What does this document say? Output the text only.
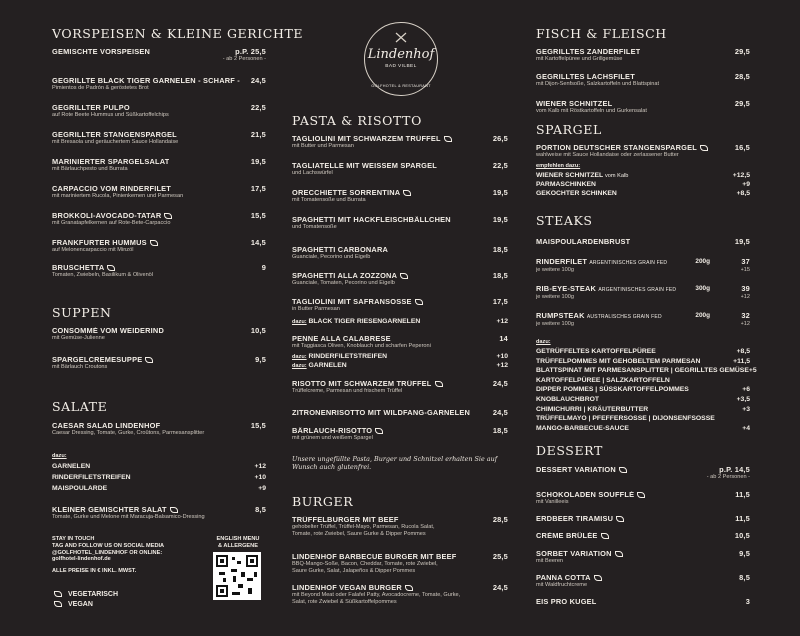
Lindenhof
BAD VILBEL
GOLFHOTEL & RESTAURANT
VORSPEISEN & KLEINE GERICHTE
GEMISCHTE VORSPEISEN	p.P. 25,5
- ab 2 Personen -
GEGRILLTE BLACK TIGER GARNELEN - SCHARF - 24,5
Pimientos de Padrón & geröstetes Brot
GEGRILLTER PULPO	22,5
auf Rote Beete Hummus und Süßkartoffelchips
GEGRILLTER STANGENSPARGEL	21,5
mit Bresaola und geräuchertem Sauce Hollandaise
MARINIERTER SPARGELSALAT	19,5
mit Bärlauchpesto und Burrata
CARPACCIO VOM RINDERFILET	17,5
mit mariniertem Rucola, Pinienkernen und Parmesan
BROKKOLI-AVOCADO-TATAR	15,5
mit Granatapfelkernen auf Rote-Bete-Carpaccio
FRANKFURTER HUMMUS	14,5
auf Melonencarpaccio mit Minzöl
BRUSCHETTA	9
Tomaten, Zwiebeln, Basilikum & Olivenöl
SUPPEN
CONSOMMÉ VOM WEIDERIND	10,5
mit Gemüse-Julienne
SPARGELCREMESUPPE	9,5
mit Bärlauch Croutons
SALATE
CAESAR SALAD LINDENHOF	15,5
Caesar Dressing, Tomate, Gurke, Croûtons, Parmesansplitter
dazu:
GARNELEN	+12
RINDERFILETSTREIFEN	+10
MAISPOULARDE	+9
KLEINER GEMISCHTER SALAT	8,5
Tomate, Gurke und Melone mit Maracuja-Balsamico-Dressing
STAY IN TOUCH
TAG AND FOLLOW US ON SOCIAL MEDIA
@GOLFHOTEL_LINDENHOF OR ONLINE:
golfhotel-lindenhof.de
ALLE PREISE IN € INKL. MWST.
VEGETARISCH
VEGAN
ENGLISH MENU
& ALLERGENE
PASTA & RISOTTO
TAGLIOLINI MIT SCHWARZEM TRÜFFEL	26,5
mit Butter und Parmesan
TAGLIATELLE MIT WEISSEM SPARGEL	22,5
und Lachswürfel
ORECCHIETTE SORRENTINA	19,5
mit Tomatensoße und Burrata
SPAGHETTI MIT HACKFLEISCHBÄLLCHEN	19,5
und Tomatensoße
SPAGHETTI CARBONARA	18,5
Guanciale, Pecorino und Eigelb
SPAGHETTI ALLA ZOZZONA	18,5
Guanciale, Tomaten, Pecorino und Eigelb
TAGLIOLINI MIT SAFRANSOSSE	17,5
in Butter Parmesan
dazu: BLACK TIGER RIESENGARNELEN	+12
PENNE ALLA CALABRESE	14
mit Taggiasca Oliven, Knoblauch und scharfen Peperoni
dazu: RINDERFILETSTREIFEN	+10
dazu: GARNELEN	+12
RISOTTO MIT SCHWARZEM TRÜFFEL	24,5
Trüffelcreme, Parmesan und frischem Trüffel
ZITRONENRISOTTO MIT WILDFANG-GARNELEN	24,5
BÄRLAUCH-RISOTTO	18,5
mit grünem und weißem Spargel
Unsere ungefüllte Pasta, Burger und Schnitzel erhalten Sie auf Wunsch auch glutenfrei.
BURGER
TRÜFFELBURGER MIT BEEF	28,5
gehobelter Trüffel, Trüffel-Mayo, Parmesan, Rucola Salat,
Tomate, rote Zwiebel, Saure Gurke & Dipper Pommes
LINDENHOF BARBECUE BURGER MIT BEEF	25,5
BBQ-Mango-Soße, Bacon, Cheddar, Tomate, rote Zwiebel,
Saure Gurke, Salat, Jalapeños & Dipper Pommes
LINDENHOF VEGAN BURGER	24,5
mit Beyond Meat oder Falafel Patty, Avocadocreme, Tomate, Gurke,
Salat, rote Zwiebel & Süßkartoffelpommes
FISCH & FLEISCH
GEGRILLTES ZANDERFILET	29,5
mit Kartoffelpüree und Grillgemüse
GEGRILLTES LACHSFILET	28,5
mit Dijon-Senfsoße, Salzkartoffeln und Blattspinat
WIENER SCHNITZEL	29,5
vom Kalb mit Röstkartoffeln und Gurkensalat
SPARGEL
PORTION DEUTSCHER STANGENSPARGEL	16,5
wahlweise mit Sauce Hollandaise oder zerlassener Butter
empfehlen dazu:
WIENER SCHNITZEL vom Kalb	+12,5
PARMASCHINKEN	+9
GEKOCHTER SCHINKEN	+8,5
STEAKS
MAISPOULARDENBRUST	19,5
RINDERFILET ARGENTINISCHES GRAIN FED	37
200g
je weitere 100g	+15
RIB-EYE-STEAK ARGENTINISCHES GRAIN FED	39
300g
je weitere 100g	+12
RUMPSTEAK AUSTRALISCHES GRAIN FED	32
200g
je weitere 100g	+12
dazu:
GETRÜFFELTES KARTOFFELPÜREE	+8,5
TRÜFFELPOMMES MIT GEHOBELTEM PARMESAN	+11,5
BLATTSPINAT MIT PARMESANSPLITTER | GEGRILLTES GEMÜSE +5
KARTOFFELPÜREE | SALZKARTOFFELN
DIPPER POMMES | SÜSSKARTOFFELPOMMES	+6
KNOBLAUCHBROT	+3,5
CHIMICHURRI | KRÄUTERBUTTER	+3
TRÜFFELMAYO | PFEFFERSOSSE | DIJONSENFSOSSE
MANGO-BARBECUE-SAUCE	+4
DESSERT
DESSERT VARIATION	p.P. 14,5
- ab 2 Personen -
SCHOKOLADEN SOUFFLÉ	11,5
mit Vanilleeis
ERDBEER TIRAMISU	11,5
CRÈME BRÛLÉE	10,5
SORBET VARIATION	9,5
mit Beeren
PANNA COTTA	8,5
mit Waldfruchtcreme
EIS PRO KUGEL	3
